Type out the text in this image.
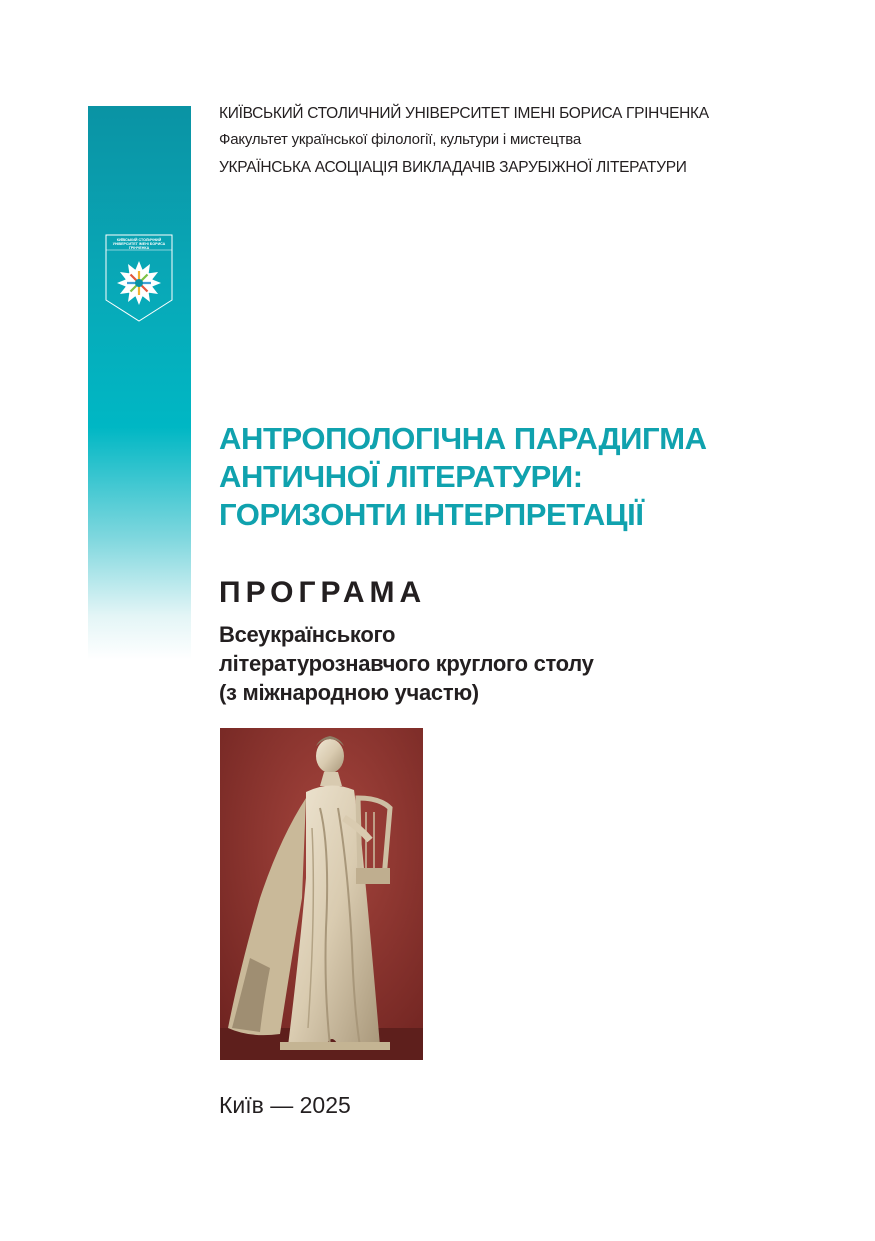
КИЇВСЬКИЙ СТОЛИЧНИЙ УНІВЕРСИТЕТ ІМЕНІ БОРИСА ГРІНЧЕНКА
КИЇВСЬКИЙ СТОЛИЧНИЙ УНІВЕРСИТЕТ ІМЕНІ БОРИСА ГРІНЧЕНКА
Факультет української філології, культури і мистецтва
УКРАЇНСЬКА АСОЦІАЦІЯ ВИКЛАДАЧІВ ЗАРУБІЖНОЇ ЛІТЕРАТУРИ
АНТРОПОЛОГІЧНА ПАРАДИГМА
АНТИЧНОЇ ЛІТЕРАТУРИ:
ГОРИЗОНТИ ІНТЕРПРЕТАЦІЇ
ПРОГРАМА
Всеукраїнського
літературознавчого круглого столу
(з міжнародною участю)
Київ — 2025
